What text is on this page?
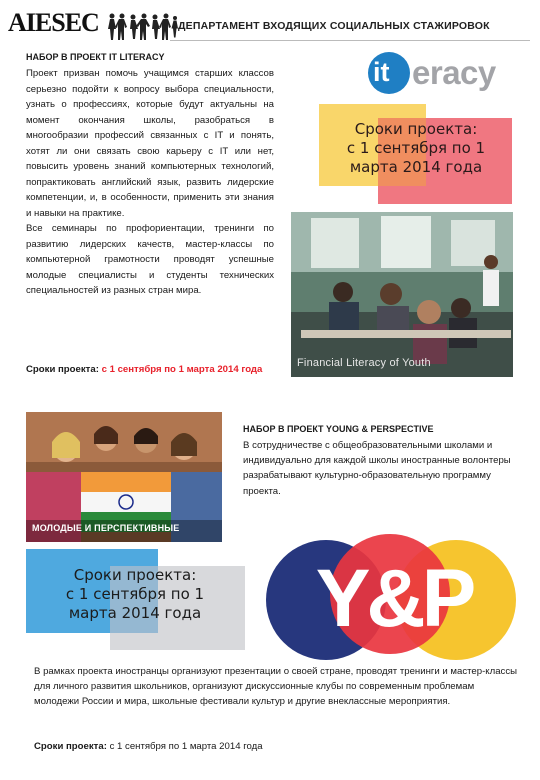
AIESEC	ДЕПАРТАМЕНТ ВХОДЯЩИХ СОЦИАЛЬНЫХ СТАЖИРОВОК
НАБОР В ПРОЕКТ IT LITERACY

Проект призван помочь учащимся старших классов серьезно подойти к вопросу выбора специальности, узнать о профессиях, которые будут актуальны на момент окончания школы, разобраться в многообразии профессий связанных с IT и понять, хотят ли они связать свою карьеру с IT или нет, повысить уровень знаний компьютерных технологий, попрактиковать английский язык, развить лидерские компетенции, и, в особенности, применить эти знания и навыки на практике.

Все семинары по профориентации, тренинги по развитию лидерских качеств, мастер-классы по компьютерной грамотности проводят успешные молодые специалисты и студенты технических специальностей из разных стран мира.

Сроки проекта: с 1 сентября по 1 марта 2014 года
it eracy
Сроки проекта:
с 1 сентября по 1
марта 2014 года
Financial Literacy of Youth
МОЛОДЫЕ И ПЕРСПЕКТИВНЫЕ
НАБОР В ПРОЕКТ YOUNG & PERSPECTIVE
В сотрудничестве с общеобразовательными школами и индивидуально для каждой школы иностранные волонтеры разрабатывают культурно-образовательную программу проекта.
Сроки проекта:
с 1 сентября по 1
марта 2014 года	Y&P
В рамках проекта иностранцы организуют презентации о своей стране, проводят тренинги и мастер-классы для личного развития школьников, организуют дискуссионные клубы по современным проблемам молодежи России и мира, школьные фестивали культур и другие внеклассные мероприятия.
Сроки проекта: с 1 сентября по 1 марта 2014 года
